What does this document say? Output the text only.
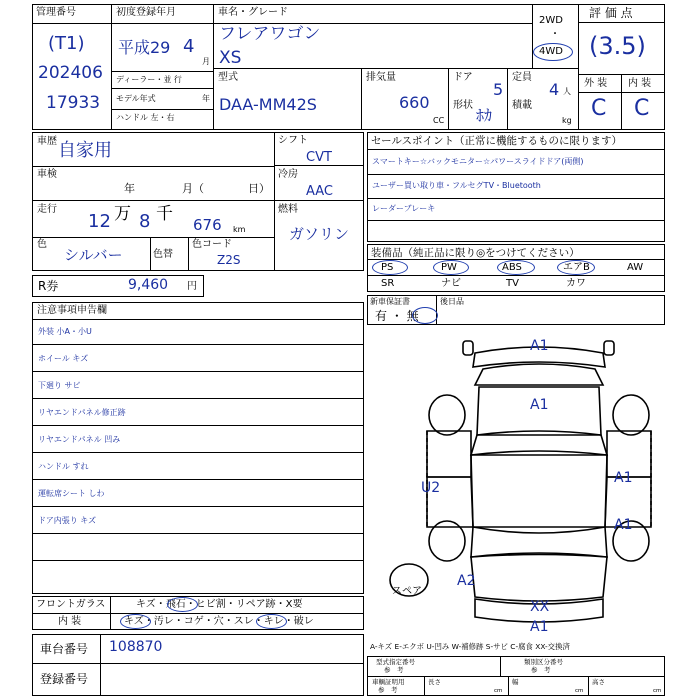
管理番号
(T1)
202406
17933
初度登録年月
平成29 4
月
ディーラー・並 行
モデル年式	年
ハンドル 左・右
車名・グレード
フレアワゴン
XS
2WD
・
4WD
型式
DAA-MM42S
排気量
660
CC
ドア
5
形状
ﾎｶ
定員
4 人
積載
kg
評 価 点
(3.5)
外 装 内 装
C C
車歴 自家用
車検
年	月（	日）
走行
12 万 8 千
676 km
色
シルバー	色替
色コード
Z2S
シフト
CVT
冷房
AAC
燃料
ガソリン
R券	9,460 円
セールスポイント（正常に機能するものに限ります）
スマートキー☆バックモニター☆パワースライドドア(両側)
ユーザー買い取り車・フルセグTV・Bluetooth
レーダーブレーキ
装備品（純正品に限り◎をつけてください）
PS	PW	ABS	エアB	AW
SR	ナビ	TV	カワ
新車保証書
有 ・ 無
後日品
注意事項申告欄
外装 小A・小U
ホイール キズ
下廻り サビ
リヤエンドパネル修正跡
リヤエンドパネル 凹み
ハンドル すれ
運転席シート しわ
ドア内張り キズ
A1
A1
U2
A1
A1
A2
XX
A1
スペア
フロントガラス	キズ・飛石・ヒビ割・リペア跡・X要
内 装	キズ・汚レ・コゲ・穴・スレ・キレ・破レ
車台番号 108870
登録番号
A-キズ E-エクボ U-凹み W-補修跡 S-サビ C-腐食 XX-交換済
型式指定番号
参　考
類別区分番号
参　考
車輌証明用
参　考
長さ
cm
幅
cm
高さ
cm
